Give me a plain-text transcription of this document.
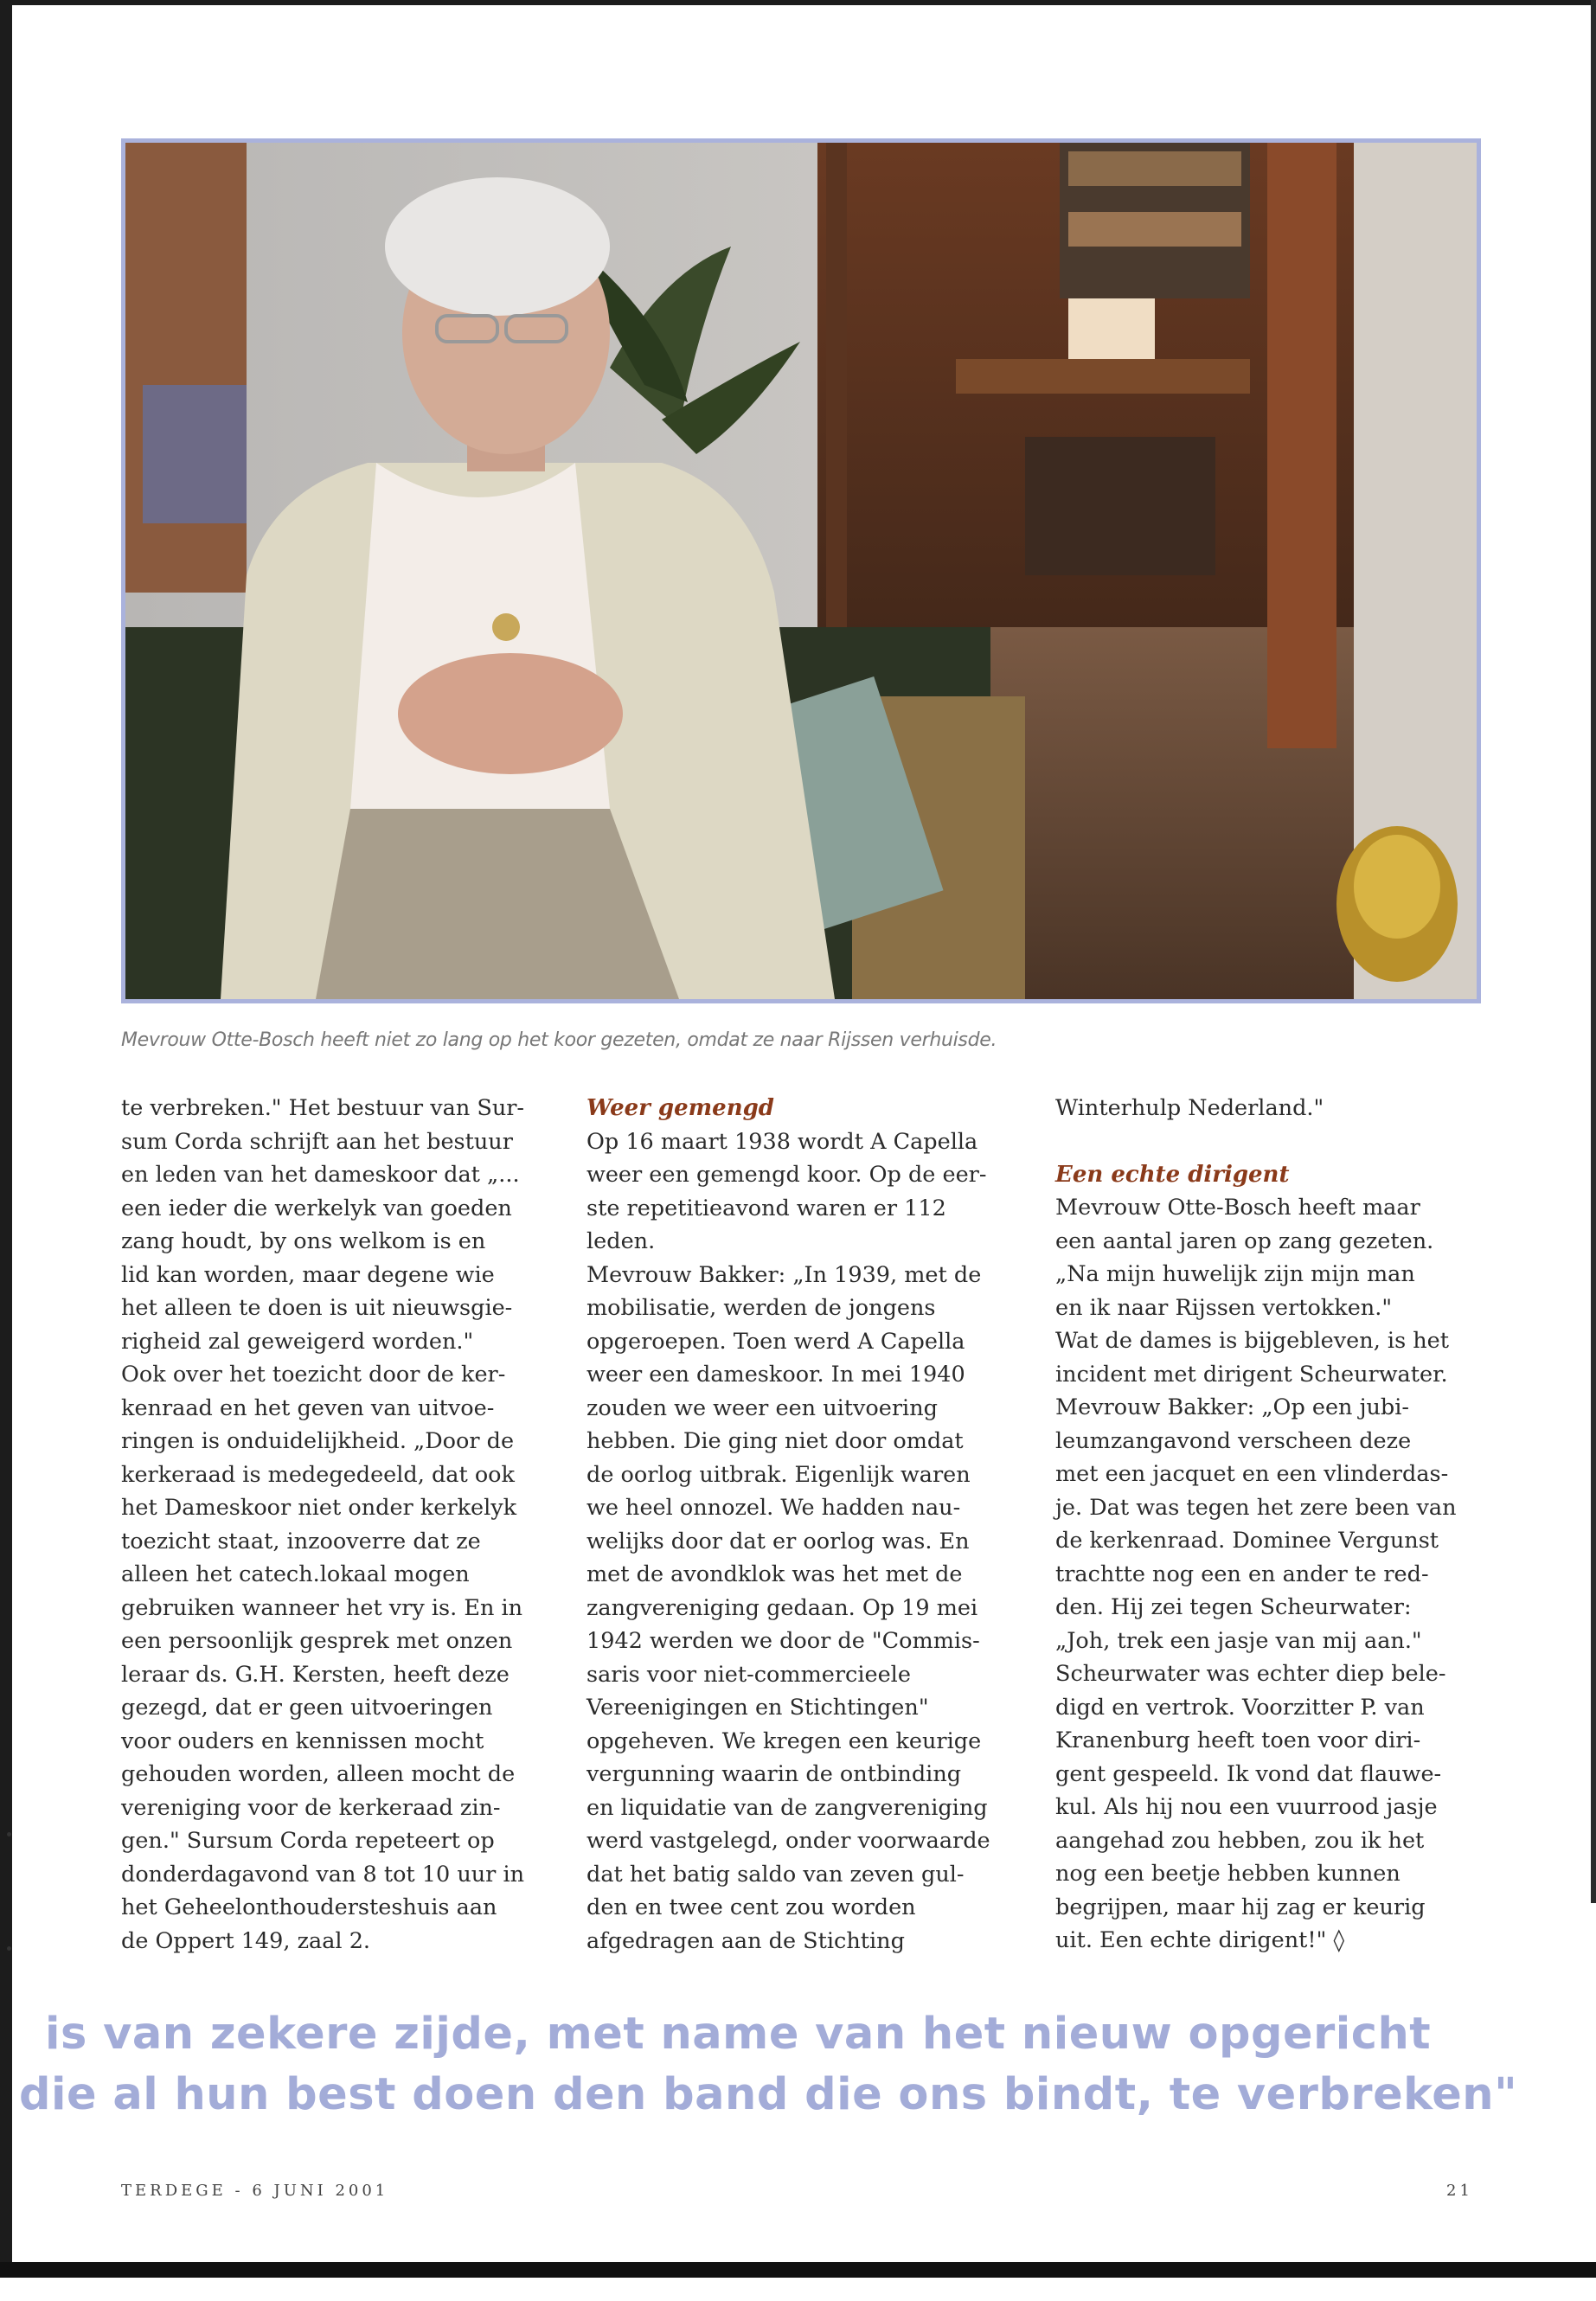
Mevrouw Otte-Bosch heeft niet zo lang op het koor gezeten, omdat ze naar Rijssen verhuisde.

te verbreken." Het bestuur van Sur-

sum Corda schrijft aan het bestuur

en leden van het dameskoor dat „...

een ieder die werkelyk van goeden

zang houdt, by ons welkom is en

lid kan worden, maar degene wie

het alleen te doen is uit nieuwsgie-

righeid zal geweigerd worden."

Ook over het toezicht door de ker-

kenraad en het geven van uitvoe-

ringen is onduidelijkheid. „Door de

kerkeraad is medegedeeld, dat ook

het Dameskoor niet onder kerkelyk

toezicht staat, inzooverre dat ze

alleen het catech.lokaal mogen

gebruiken wanneer het vry is. En in

een persoonlijk gesprek met onzen

leraar ds. G.H. Kersten, heeft deze

gezegd, dat er geen uitvoeringen

voor ouders en kennissen mocht

gehouden worden, alleen mocht de

vereniging voor de kerkeraad zin-

gen." Sursum Corda repeteert op

donderdagavond van 8 tot 10 uur in

het Geheelonthoudersteshuis aan

de Oppert 149, zaal 2.

Weer gemengd

Op 16 maart 1938 wordt A Capella

weer een gemengd koor. Op de eer-

ste repetitieavond waren er 112

leden.

Mevrouw Bakker: „In 1939, met de

mobilisatie, werden de jongens

opgeroepen. Toen werd A Capella

weer een dameskoor. In mei 1940

zouden we weer een uitvoering

hebben. Die ging niet door omdat

de oorlog uitbrak. Eigenlijk waren

we heel onnozel. We hadden nau-

welijks door dat er oorlog was. En

met de avondklok was het met de

zangvereniging gedaan. Op 19 mei

1942 werden we door de "Commis-

saris voor niet-commercieele

Vereenigingen en Stichtingen"

opgeheven. We kregen een keurige

vergunning waarin de ontbinding

en liquidatie van de zangvereniging

werd vastgelegd, onder voorwaarde

dat het batig saldo van zeven gul-

den en twee cent zou worden

afgedragen aan de Stichting

Winterhulp Nederland."

Een echte dirigent

Mevrouw Otte-Bosch heeft maar

een aantal jaren op zang gezeten.

„Na mijn huwelijk zijn mijn man

en ik naar Rijssen vertokken."

Wat de dames is bijgebleven, is het

incident met dirigent Scheurwater.

Mevrouw Bakker: „Op een jubi-

leumzangavond verscheen deze

met een jacquet en een vlinderdas-

je. Dat was tegen het zere been van

de kerkenraad. Dominee Vergunst

trachtte nog een en ander te red-

den. Hij zei tegen Scheurwater:

„Joh, trek een jasje van mij aan."

Scheurwater was echter diep bele-

digd en vertrok. Voorzitter P. van

Kranenburg heeft toen voor diri-

gent gespeeld. Ik vond dat flauwe-

kul. Als hij nou een vuurrood jasje

aangehad zou hebben, zou ik het

nog een beetje hebben kunnen

begrijpen, maar hij zag er keurig

uit. Een echte dirigent!" ◊

is van zekere zijde, met name van het nieuw opgericht
die al hun best doen den band die ons bindt, te verbreken"
TERDEGE - 6 JUNI 2001	21
